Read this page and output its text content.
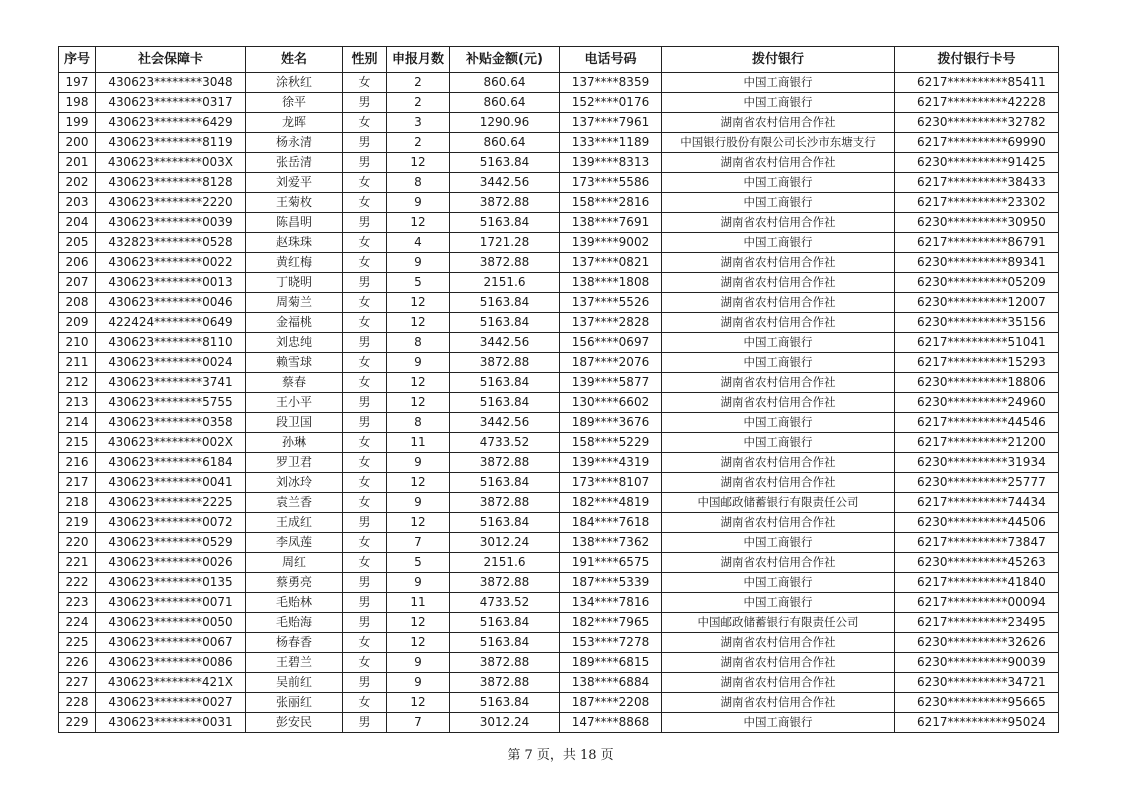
序号	社会保障卡	姓名	性别	申报月数	补贴金额(元)	电话号码	拨付银行	拨付银行卡号
197	430623********3048	涂秋红	女	2	860.64	137****8359	中国工商银行	6217**********85411
198	430623********0317	徐平	男	2	860.64	152****0176	中国工商银行	6217**********42228
199	430623********6429	龙晖	女	3	1290.96	137****7961	湖南省农村信用合作社	6230**********32782
200	430623********8119	杨永清	男	2	860.64	133****1189	中国银行股份有限公司长沙市东塘支行	6217**********69990
201	430623********003X	张岳清	男	12	5163.84	139****8313	湖南省农村信用合作社	6230**********91425
202	430623********8128	刘爱平	女	8	3442.56	173****5586	中国工商银行	6217**********38433
203	430623********2220	王菊枚	女	9	3872.88	158****2816	中国工商银行	6217**********23302
204	430623********0039	陈昌明	男	12	5163.84	138****7691	湖南省农村信用合作社	6230**********30950
205	432823********0528	赵珠珠	女	4	1721.28	139****9002	中国工商银行	6217**********86791
206	430623********0022	黄红梅	女	9	3872.88	137****0821	湖南省农村信用合作社	6230**********89341
207	430623********0013	丁晓明	男	5	2151.6	138****1808	湖南省农村信用合作社	6230**********05209
208	430623********0046	周菊兰	女	12	5163.84	137****5526	湖南省农村信用合作社	6230**********12007
209	422424********0649	金福桃	女	12	5163.84	137****2828	湖南省农村信用合作社	6230**********35156
210	430623********8110	刘忠纯	男	8	3442.56	156****0697	中国工商银行	6217**********51041
211	430623********0024	赖雪球	女	9	3872.88	187****2076	中国工商银行	6217**********15293
212	430623********3741	蔡春	女	12	5163.84	139****5877	湖南省农村信用合作社	6230**********18806
213	430623********5755	王小平	男	12	5163.84	130****6602	湖南省农村信用合作社	6230**********24960
214	430623********0358	段卫国	男	8	3442.56	189****3676	中国工商银行	6217**********44546
215	430623********002X	孙琳	女	11	4733.52	158****5229	中国工商银行	6217**********21200
216	430623********6184	罗卫君	女	9	3872.88	139****4319	湖南省农村信用合作社	6230**********31934
217	430623********0041	刘冰玲	女	12	5163.84	173****8107	湖南省农村信用合作社	6230**********25777
218	430623********2225	袁兰香	女	9	3872.88	182****4819	中国邮政储蓄银行有限责任公司	6217**********74434
219	430623********0072	王成红	男	12	5163.84	184****7618	湖南省农村信用合作社	6230**********44506
220	430623********0529	李凤莲	女	7	3012.24	138****7362	中国工商银行	6217**********73847
221	430623********0026	周红	女	5	2151.6	191****6575	湖南省农村信用合作社	6230**********45263
222	430623********0135	蔡勇亮	男	9	3872.88	187****5339	中国工商银行	6217**********41840
223	430623********0071	毛贻林	男	11	4733.52	134****7816	中国工商银行	6217**********00094
224	430623********0050	毛贻海	男	12	5163.84	182****7965	中国邮政储蓄银行有限责任公司	6217**********23495
225	430623********0067	杨春香	女	12	5163.84	153****7278	湖南省农村信用合作社	6230**********32626
226	430623********0086	王碧兰	女	9	3872.88	189****6815	湖南省农村信用合作社	6230**********90039
227	430623********421X	吴前红	男	9	3872.88	138****6884	湖南省农村信用合作社	6230**********34721
228	430623********0027	张丽红	女	12	5163.84	187****2208	湖南省农村信用合作社	6230**********95665
229	430623********0031	彭安民	男	7	3012.24	147****8868	中国工商银行	6217**********95024
第 7 页，共 18 页
